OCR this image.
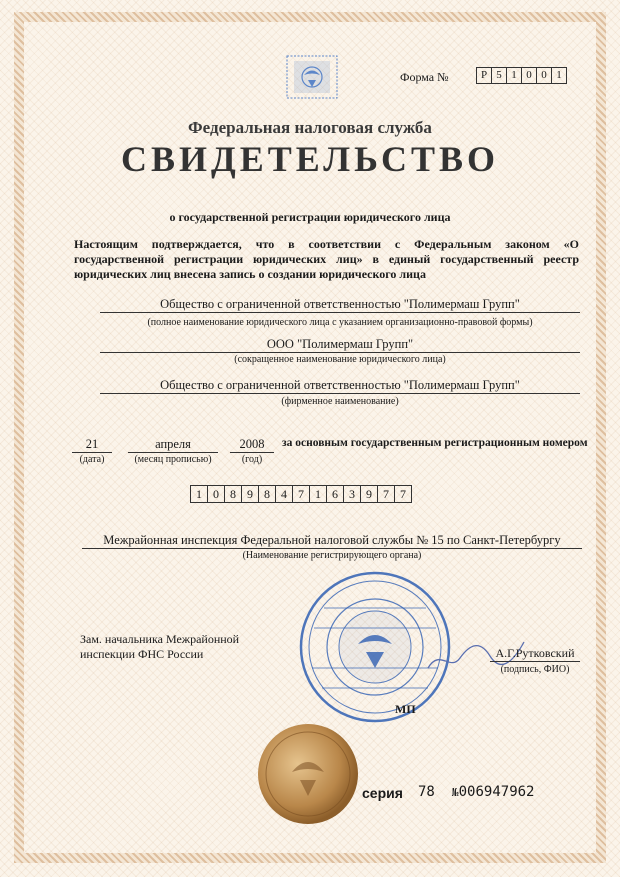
Форма №	Р 5 1 0 0 1
Федеральная налоговая служба
СВИДЕТЕЛЬСТВО
о государственной регистрации юридического лица
Настоящим подтверждается, что в соответствии с Федеральным законом «О государственной регистрации юридических лиц» в единый государственный реестр юридических лиц внесена запись о создании юридического лица
Общество с ограниченной ответственностью "Полимермаш Групп"
(полное наименование юридического лица с указанием организационно-правовой формы)
ООО "Полимермаш Групп"
(сокращенное наименование юридического лица)
Общество с ограниченной ответственностью "Полимермаш Групп"
(фирменное наименование)
21
(дата)
апреля
(месяц прописью)
2008
(год)
за основным государственным регистрационным номером
1 0 8 9 8 4 7 1 6 3 9 7 7
Межрайонная инспекция Федеральной налоговой службы № 15 по Санкт-Петербургу
(Наименование регистрирующего органа)
Зам. начальника Межрайонной
инспекции ФНС России	А.Г.Рутковский
(подпись, ФИО)
МП
серия 78 №006947962
